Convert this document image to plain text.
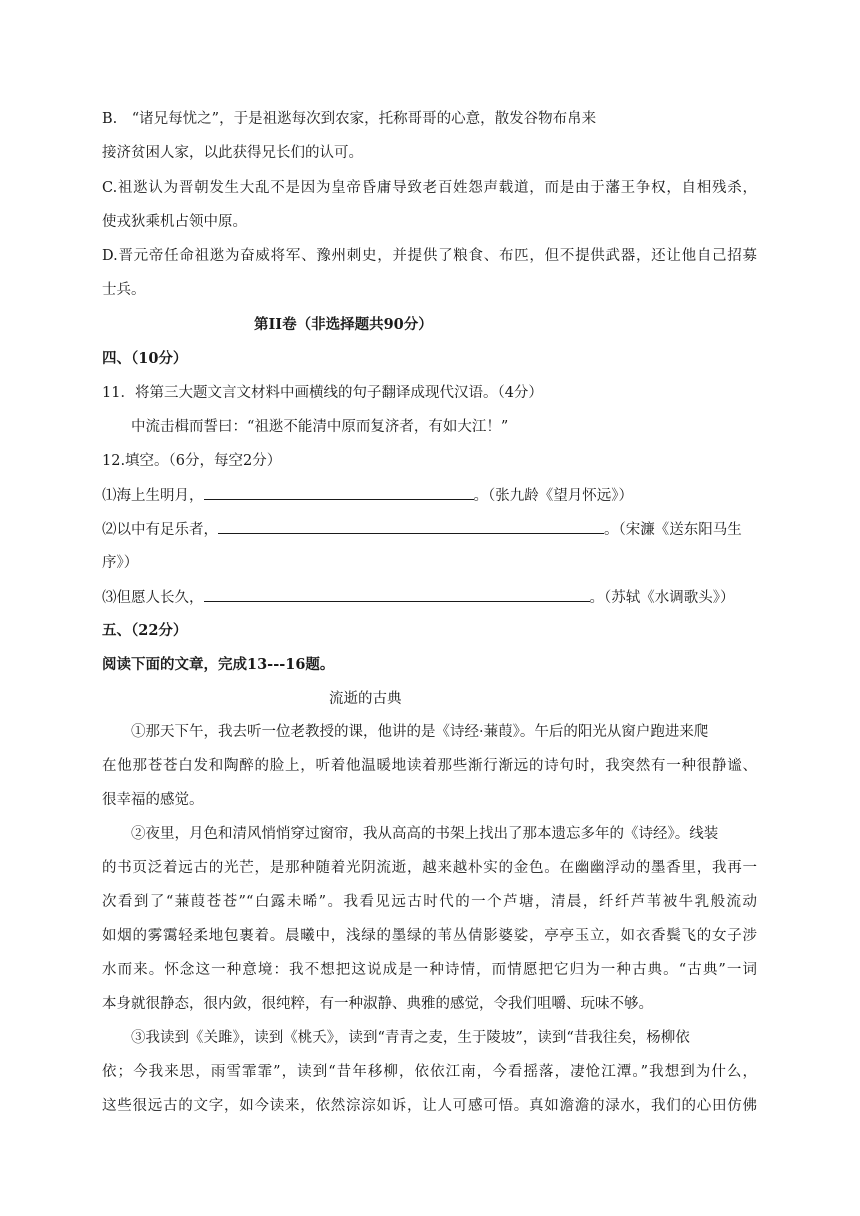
B.　“诸兄每忧之”，于是祖逖每次到农家，托称哥哥的心意，散发谷物布帛来
接济贫困人家，以此获得兄长们的认可。
C.祖逖认为晋朝发生大乱不是因为皇帝昏庸导致老百姓怨声载道，而是由于藩王争权，自相残杀，
使戎狄乘机占领中原。
D.晋元帝任命祖逖为奋威将军、豫州刺史，并提供了粮食、布匹，但不提供武器，还让他自己招募
士兵。
第II卷（非选择题共90分）
四、（10分）
11．将第三大题文言文材料中画横线的句子翻译成现代汉语。（4分）
中流击楫而誓曰：“祖逖不能清中原而复济者，有如大江！”
12.填空。（6分，每空2分）
⑴海上生明月，	。（张九龄《望月怀远》）
⑵以中有足乐者，	。（宋濂《送东阳马生
序》）
⑶但愿人长久，	。（苏轼《水调歌头》）
五、（22分）
阅读下面的文章，完成13---16题。
流逝的古典
①那天下午，我去听一位老教授的课，他讲的是《诗经·蒹葭》。午后的阳光从窗户跑进来爬
在他那苍苍白发和陶醉的脸上，听着他温暖地读着那些渐行渐远的诗句时，我突然有一种很静谧、
很幸福的感觉。
②夜里，月色和清风悄悄穿过窗帘，我从高高的书架上找出了那本遗忘多年的《诗经》。线装
的书页泛着远古的光芒，是那种随着光阴流逝，越来越朴实的金色。在幽幽浮动的墨香里，我再一
次看到了“蒹葭苍苍”“白露未晞”。我看见远古时代的一个芦塘，清晨，纤纤芦苇被牛乳般流动
如烟的雾霭轻柔地包裹着。晨曦中，浅绿的墨绿的苇丛倩影婆娑，亭亭玉立，如衣香鬓飞的女子涉
水而来。怀念这一种意境：我不想把这说成是一种诗情，而情愿把它归为一种古典。“古典”一词
本身就很静态，很内敛，很纯粹，有一种淑静、典雅的感觉，令我们咀嚼、玩味不够。
③我读到《关雎》，读到《桃夭》，读到“青青之麦，生于陵坡”，读到“昔我往矣，杨柳依
依；今我来思，雨雪霏霏”，读到“昔年移柳，依依江南，今看摇落，凄怆江潭。”我想到为什么，
这些很远古的文字，如今读来，依然淙淙如诉，让人可感可悟。真如澹澹的渌水，我们的心田仿佛
